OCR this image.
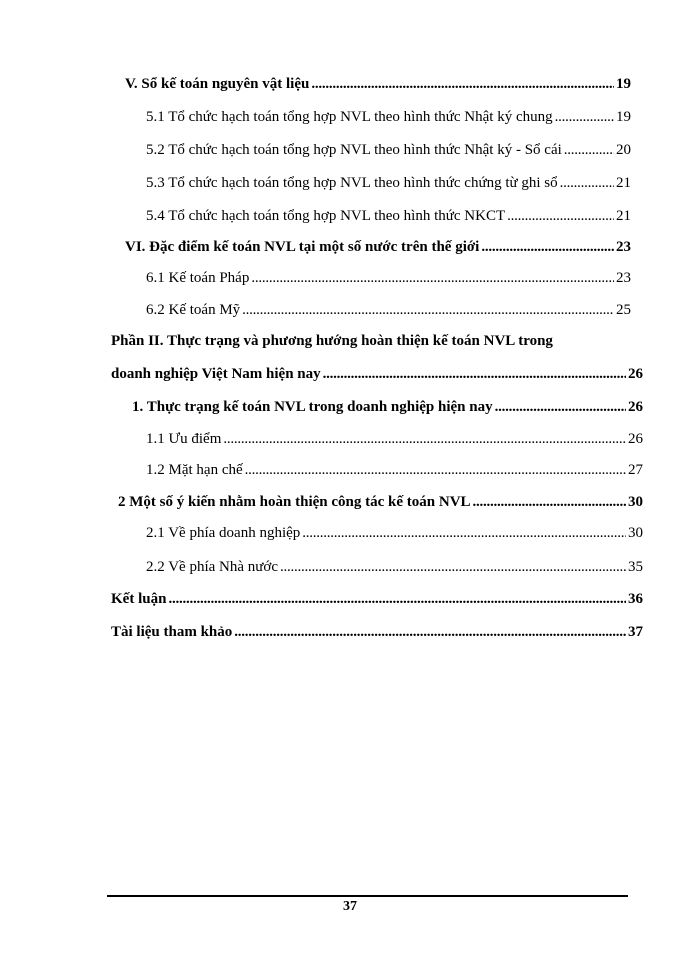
V. Sổ kế toán nguyên vật liệu . . .	19
5.1 Tổ chức hạch toán tổng hợp NVL theo hình thức Nhật ký chung . . .	19
5.2 Tổ chức hạch toán tổng hợp NVL theo hình thức Nhật ký - Sổ cái . . .	20
5.3 Tổ chức hạch toán tổng hợp NVL theo hình thức chứng từ ghi sổ . . .	21
5.4 Tổ chức hạch toán tổng hợp NVL theo hình thức NKCT . . .	21
VI. Đặc điểm kế toán NVL tại một số nước trên thế giới . . .	23
6.1 Kế toán Pháp . . .	23
6.2 Kế toán Mỹ . . .	25
Phần II. Thực trạng và phương hướng hoàn thiện kế toán NVL trong
doanh nghiệp Việt Nam hiện nay . . .	26
1. Thực trạng kế toán NVL trong doanh nghiệp hiện nay . . .	26
1.1 Ưu điểm . . .	26
1.2 Mặt hạn chế . . .	27
2 Một số ý kiến nhằm hoàn thiện công tác kế toán NVL . . .	30
2.1 Về phía doanh nghiệp . . .	30
2.2 Về phía Nhà nước . . .	35
Kết luận . . .	36
Tài liệu tham khảo . . .	37
37
